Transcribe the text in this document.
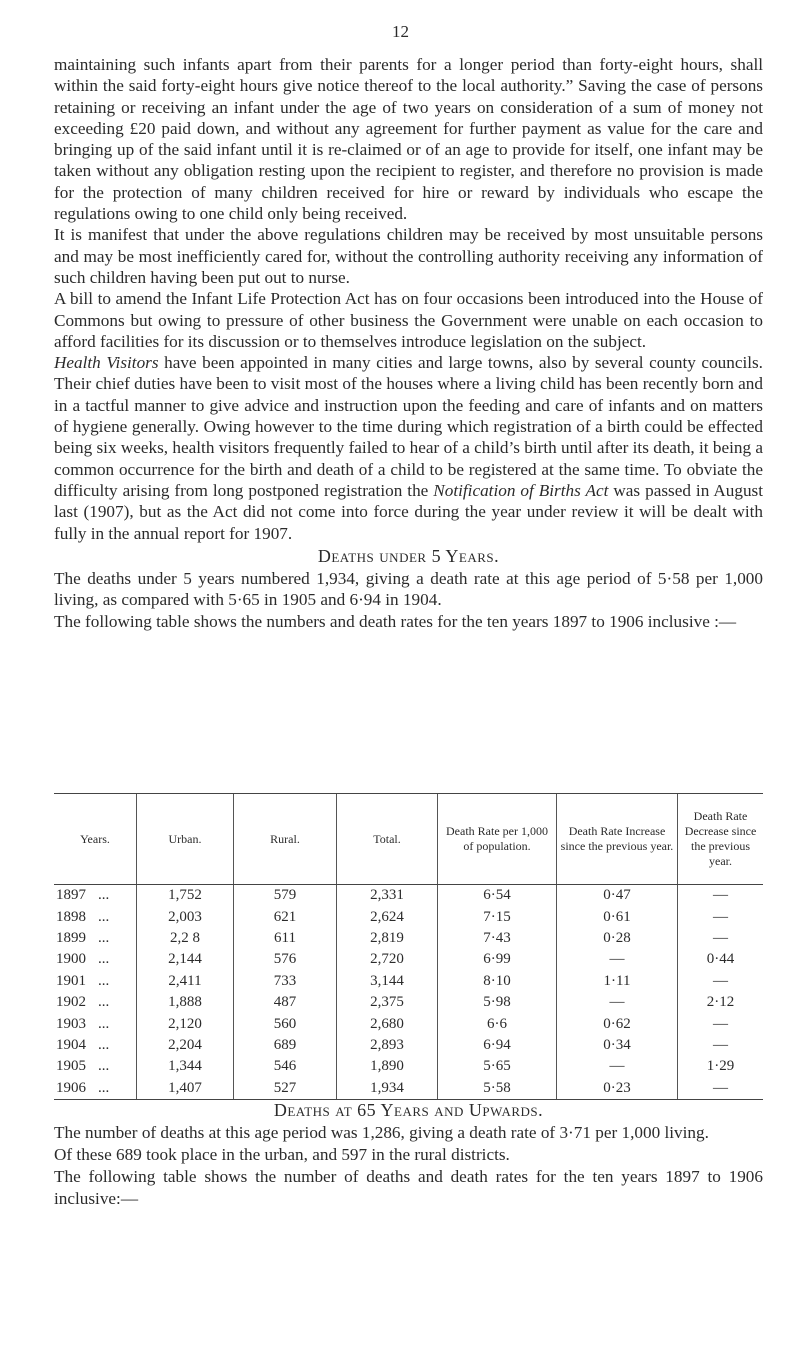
12

maintaining such infants apart from their parents for a longer period than forty-eight hours, shall within the said forty-eight hours give notice thereof to the local authority.” Saving the case of persons retaining or receiving an infant under the age of two years on consideration of a sum of money not exceeding £20 paid down, and without any agreement for further payment as value for the care and bringing up of the said infant until it is re-claimed or of an age to provide for itself, one infant may be taken without any obligation resting upon the recipient to register, and therefore no provision is made for the protection of many children received for hire or reward by individuals who escape the regulations owing to one child only being received.

It is manifest that under the above regulations children may be received by most unsuitable persons and may be most inefficiently cared for, without the controlling authority receiving any information of such children having been put out to nurse.

A bill to amend the Infant Life Protection Act has on four occasions been introduced into the House of Commons but owing to pressure of other business the Government were unable on each occasion to afford facilities for its discussion or to themselves introduce legislation on the subject.

Health Visitors have been appointed in many cities and large towns, also by several county councils. Their chief duties have been to visit most of the houses where a living child has been recently born and in a tactful manner to give advice and instruction upon the feeding and care of infants and on matters of hygiene generally. Owing however to the time during which registration of a birth could be effected being six weeks, health visitors frequently failed to hear of a child’s birth until after its death, it being a common occurrence for the birth and death of a child to be registered at the same time. To obviate the difficulty arising from long postponed registration the Notification of Births Act was passed in August last (1907), but as the Act did not come into force during the year under review it will be dealt with fully in the annual report for 1907.

Deaths under 5 Years.

The deaths under 5 years numbered 1,934, giving a death rate at this age period of 5·58 per 1,000 living, as compared with 5·65 in 1905 and 6·94 in 1904.

The following table shows the numbers and death rates for the ten years 1897 to 1906 inclusive :—

Years.	Urban.	Rural.	Total.	Death Rate per 1,000 of population.	Death Rate Increase since the previous year.	Death Rate Decrease since the previous year.
1897 ...	1,752	579	2,331	6·54	0·47	—
1898 ...	2,003	621	2,624	7·15	0·61	—
1899 ...	2,2 8	611	2,819	7·43	0·28	—
1900 ...	2,144	576	2,720	6·99	—	0·44
1901 ...	2,411	733	3,144	8·10	1·11	—
1902 ...	1,888	487	2,375	5·98	—	2·12
1903 ...	2,120	560	2,680	6·6	0·62	—
1904 ...	2,204	689	2,893	6·94	0·34	—
1905 ...	1,344	546	1,890	5·65	—	1·29
1906 ...	1,407	527	1,934	5·58	0·23	—
Deaths at 65 Years and Upwards.

The number of deaths at this age period was 1,286, giving a death rate of 3·71 per 1,000 living.

Of these 689 took place in the urban, and 597 in the rural districts.

The following table shows the number of deaths and death rates for the ten years 1897 to 1906 inclusive:—
